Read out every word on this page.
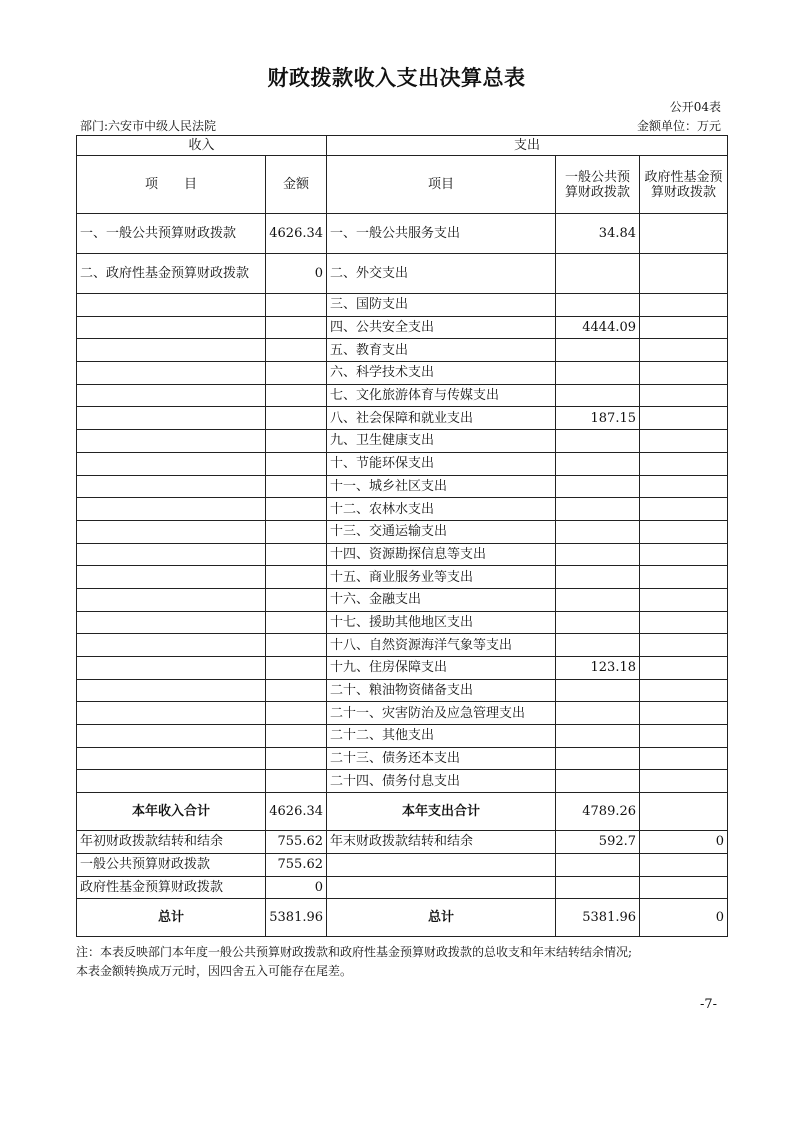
财政拨款收入支出决算总表
公开04表
部门:六安市中级人民法院	金额单位：万元
收入		支出		
项　　目	金额	项目	一般公共预算财政拨款	政府性基金预算财政拨款
一、一般公共预算财政拨款	4626.34	一、一般公共服务支出	34.84	
二、政府性基金预算财政拨款	0	二、外交支出		
		三、国防支出		
		四、公共安全支出	4444.09	
		五、教育支出		
		六、科学技术支出		
		七、文化旅游体育与传媒支出		
		八、社会保障和就业支出	187.15	
		九、卫生健康支出		
		十、节能环保支出		
		十一、城乡社区支出		
		十二、农林水支出		
		十三、交通运输支出		
		十四、资源勘探信息等支出		
		十五、商业服务业等支出		
		十六、金融支出		
		十七、援助其他地区支出		
		十八、自然资源海洋气象等支出		
		十九、住房保障支出	123.18	
		二十、粮油物资储备支出		
		二十一、灾害防治及应急管理支出		
		二十二、其他支出		
		二十三、债务还本支出		
		二十四、债务付息支出		
本年收入合计	4626.34	本年支出合计	4789.26	
年初财政拨款结转和结余	755.62	年末财政拨款结转和结余	592.7	0
一般公共预算财政拨款	755.62			
政府性基金预算财政拨款	0			
总计	5381.96	总计	5381.96	0
注：本表反映部门本年度一般公共预算财政拨款和政府性基金预算财政拨款的总收支和年末结转结余情况;
本表金额转换成万元时，因四舍五入可能存在尾差。
-7-
